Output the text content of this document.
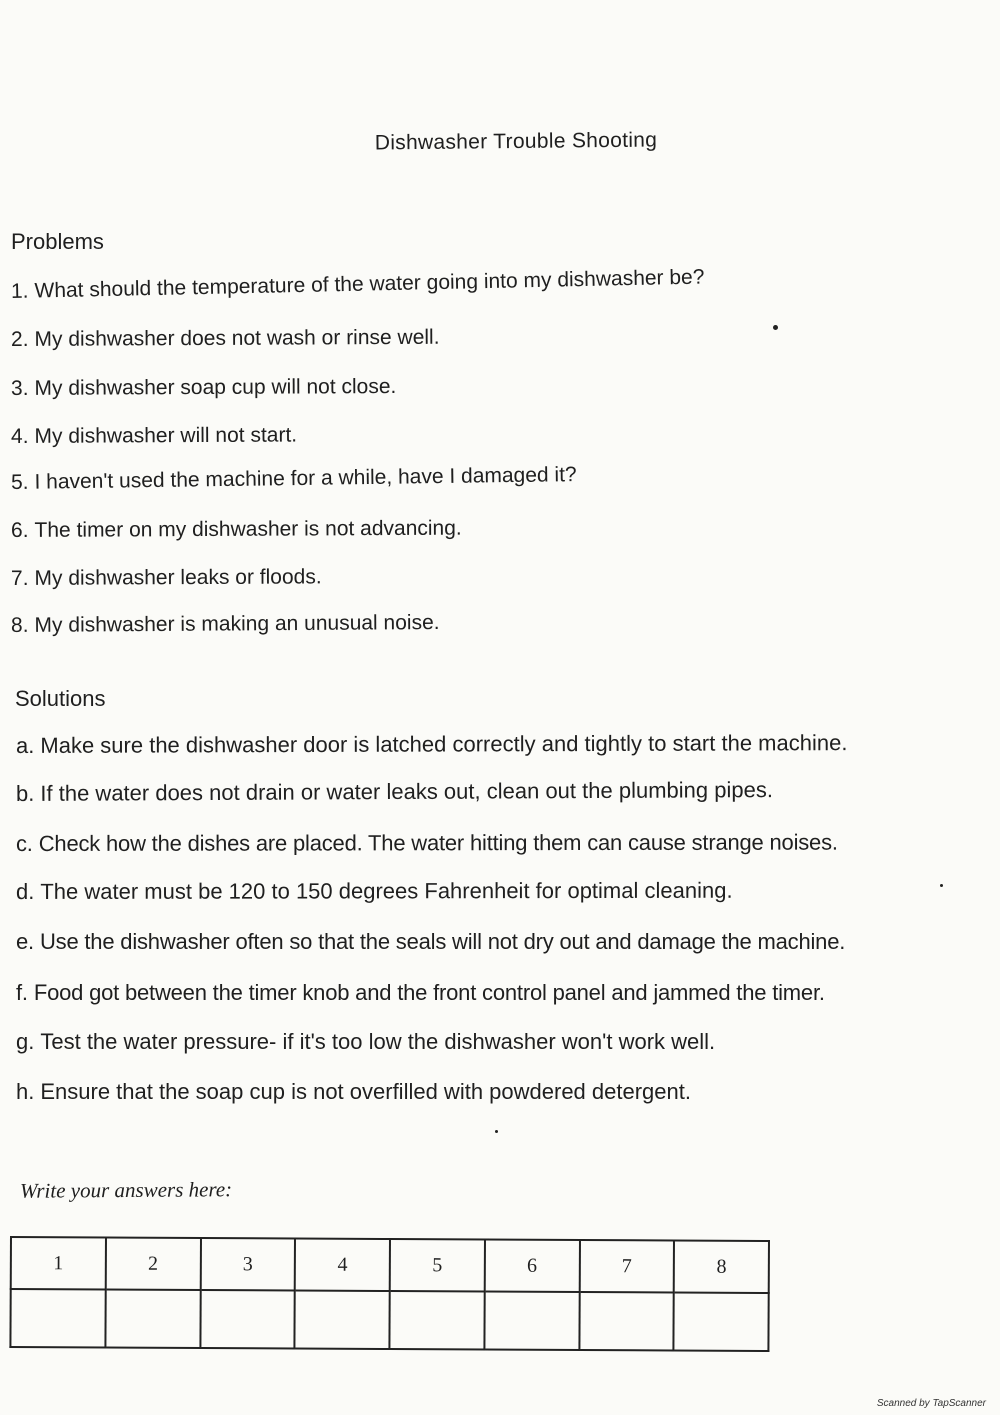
Dishwasher Trouble Shooting
Problems
1. What should the temperature of the water going into my dishwasher be?
2. My dishwasher does not wash or rinse well.
3. My dishwasher soap cup will not close.
4. My dishwasher will not start.
5. I haven't used the machine for a while, have I damaged it?
6. The timer on my dishwasher is not advancing.
7. My dishwasher leaks or floods.
8. My dishwasher is making an unusual noise.
Solutions
a. Make sure the dishwasher door is latched correctly and tightly to start the machine.
b. If the water does not drain or water leaks out, clean out the plumbing pipes.
c. Check how the dishes are placed. The water hitting them can cause strange noises.
d. The water must be 120 to 150 degrees Fahrenheit for optimal cleaning.
e. Use the dishwasher often so that the seals will not dry out and damage the machine.
f. Food got between the timer knob and the front control panel and jammed the timer.
g. Test the water pressure- if it's too low the dishwasher won't work well.
h. Ensure that the soap cup is not overfilled with powdered detergent.
Write your answers here:
1	2	3	4	5	6	7	8

Scanned by TapScanner
